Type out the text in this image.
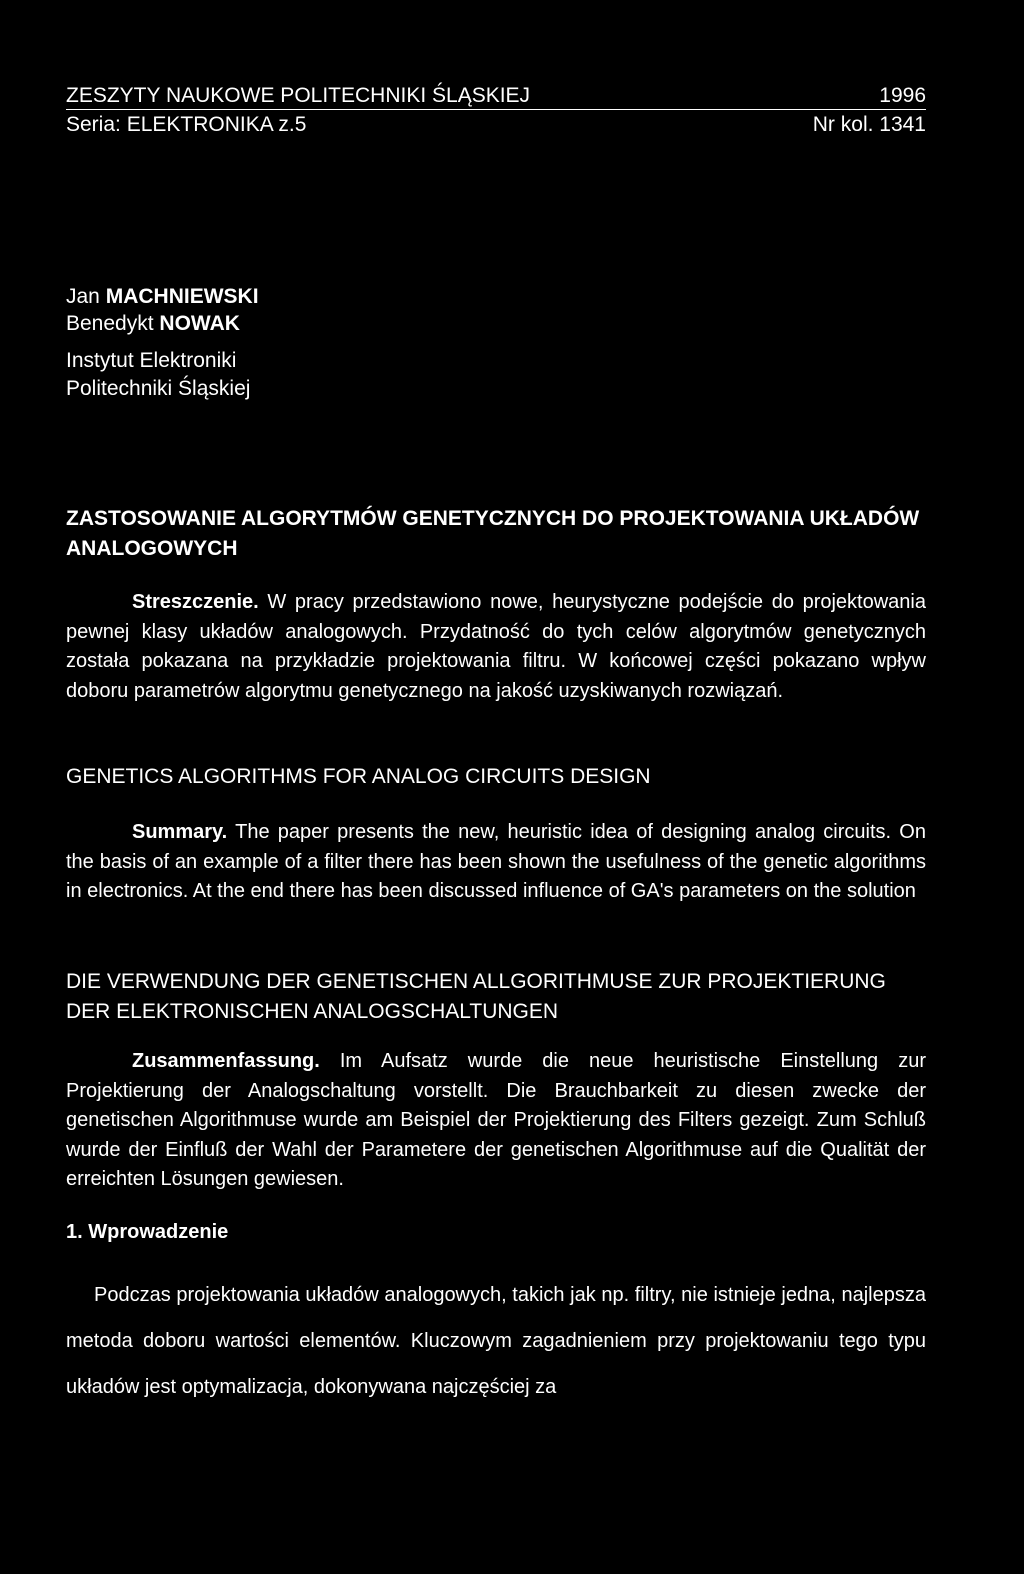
ZESZYTY NAUKOWE POLITECHNIKI ŚLĄSKIEJ	1996
Seria: ELEKTRONIKA z.5	Nr kol. 1341
Jan MACHNIEWSKI
Benedykt NOWAK
Instytut Elektroniki
Politechniki Śląskiej
ZASTOSOWANIE ALGORYTMÓW GENETYCZNYCH DO PROJEKTOWANIA UKŁADÓW ANALOGOWYCH
Streszczenie. W pracy przedstawiono nowe, heurystyczne podejście do projektowania pewnej klasy układów analogowych. Przydatność do tych celów algorytmów genetycznych została pokazana na przykładzie projektowania filtru. W końcowej części pokazano wpływ doboru parametrów algorytmu genetycznego na jakość uzyskiwanych rozwiązań.
GENETICS ALGORITHMS FOR ANALOG CIRCUITS DESIGN
Summary. The paper presents the new, heuristic idea of designing analog circuits. On the basis of an example of a filter there has been shown the usefulness of the genetic algorithms in electronics. At the end there has been discussed influence of GA's parameters on the solution
DIE VERWENDUNG DER GENETISCHEN ALLGORITHMUSE ZUR PROJEKTIERUNG DER ELEKTRONISCHEN ANALOGSCHALTUNGEN
Zusammenfassung. Im Aufsatz wurde die neue heuristische Einstellung zur Projektierung der Analogschaltung vorstellt. Die Brauchbarkeit zu diesen zwecke der genetischen Algorithmuse wurde am Beispiel der Projektierung des Filters gezeigt. Zum Schluß wurde der Einfluß der Wahl der Parametere der genetischen Algorithmuse auf die Qualität der erreichten Lösungen gewiesen.
1. Wprowadzenie
Podczas projektowania układów analogowych, takich jak np. filtry, nie istnieje jedna, najlepsza metoda doboru wartości elementów. Kluczowym zagadnieniem przy projektowaniu tego typu układów jest optymalizacja, dokonywana najczęściej za
